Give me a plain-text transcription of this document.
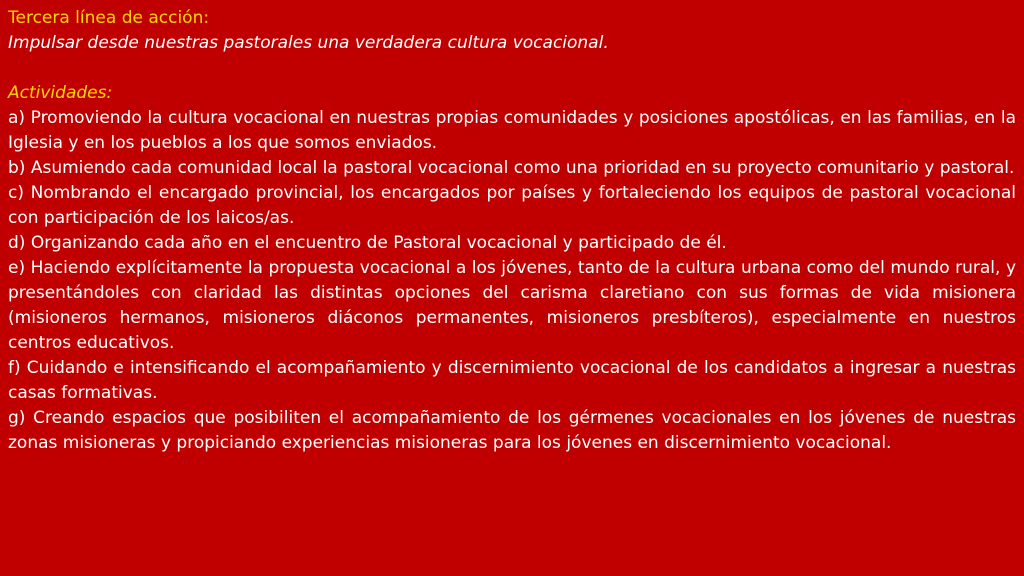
Tercera línea de acción:

Impulsar desde nuestras pastorales una verdadera cultura vocacional.

Actividades:

a) Promoviendo la cultura vocacional en nuestras propias comunidades y posiciones apostólicas, en las familias, en la Iglesia y en los pueblos a los que somos enviados.

b) Asumiendo cada comunidad local la pastoral vocacional como una prioridad en su proyecto comunitario y pastoral.

c) Nombrando el encargado provincial, los encargados por países y fortaleciendo los equipos de pastoral vocacional con participación de los laicos/as.

d) Organizando cada año en el encuentro de Pastoral vocacional y participado de él.

e) Haciendo explícitamente la propuesta vocacional a los jóvenes, tanto de la cultura urbana como del mundo rural, y presentándoles con claridad las distintas opciones del carisma claretiano con sus formas de vida misionera (misioneros hermanos, misioneros diáconos permanentes, misioneros presbíteros), especialmente en nuestros centros educativos.

f) Cuidando e intensificando el acompañamiento y discernimiento vocacional de los candidatos a ingresar a nuestras casas formativas.

g) Creando espacios que posibiliten el acompañamiento de los gérmenes vocacionales en los jóvenes de nuestras zonas misioneras y propiciando experiencias misioneras para los jóvenes en discernimiento vocacional.
